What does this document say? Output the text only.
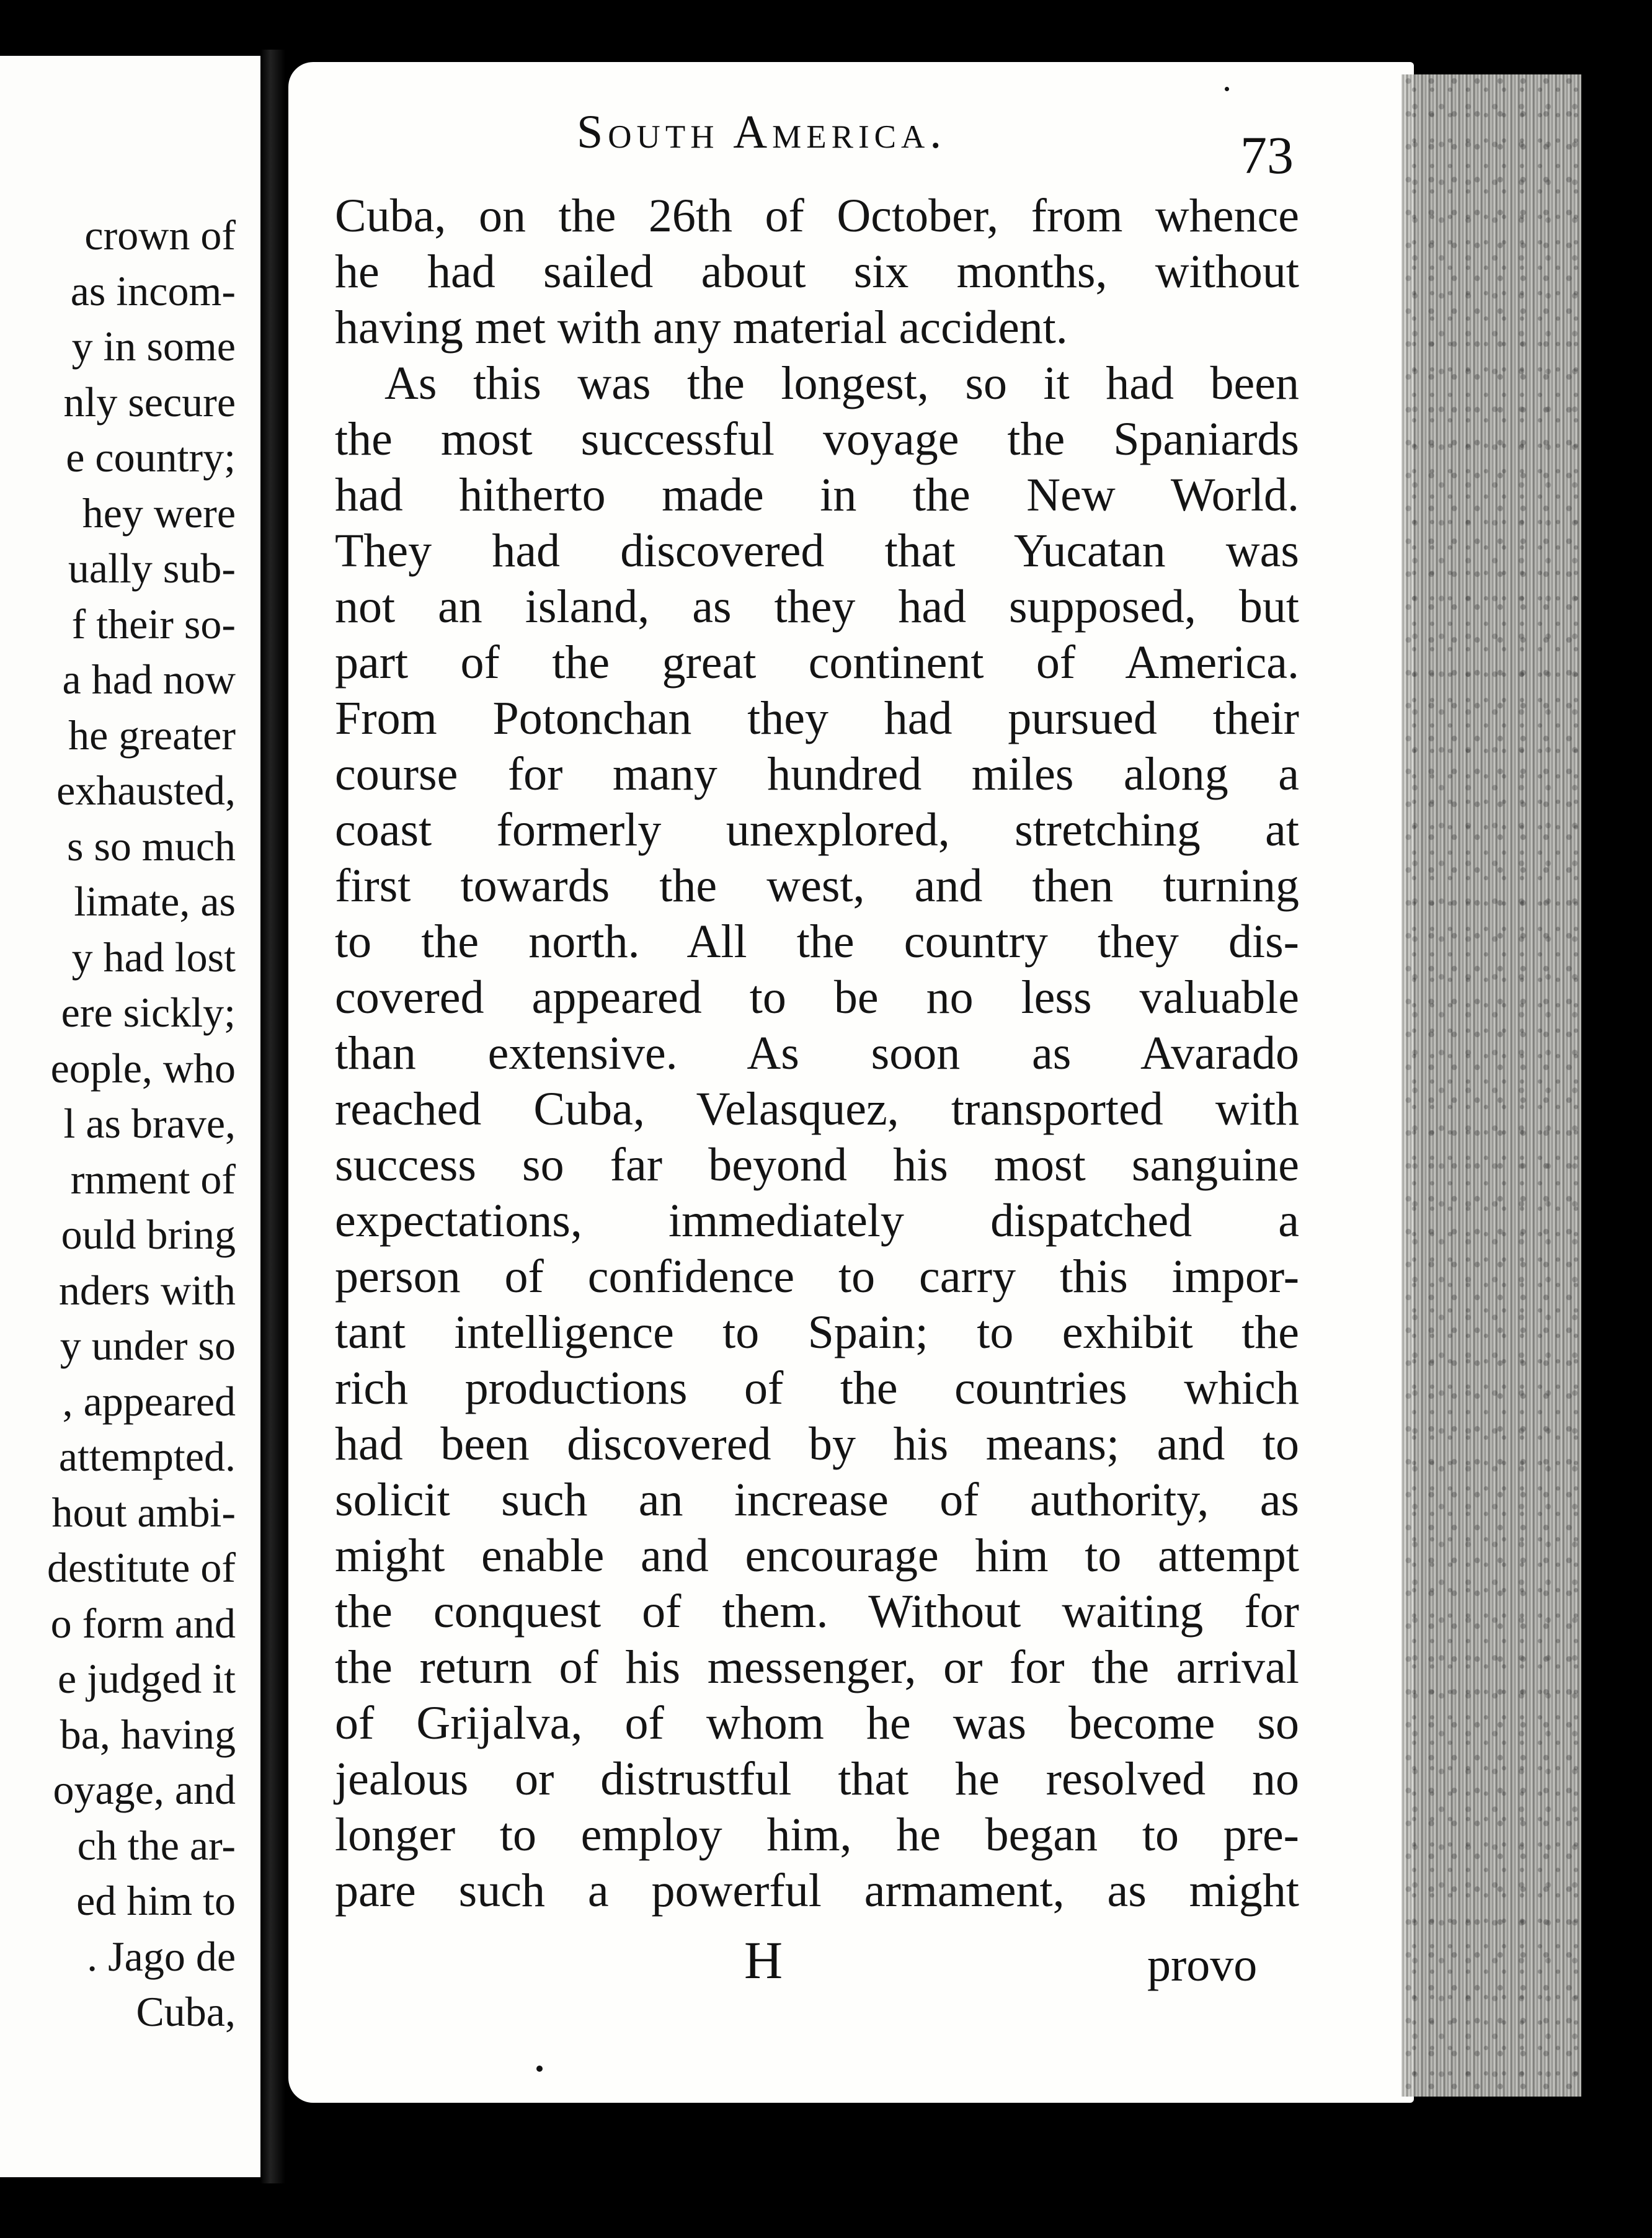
crown of
as incom-
y in some
nly secure
e country;
hey were
ually sub-
f their so-
a had now
he greater
exhausted,
s so much
limate, as
y had lost
ere sickly;
eople, who
l as brave,
rnment of
ould bring
nders with
y under so
, appeared
attempted.
hout ambi-
destitute of
o form and
e judged it
ba, having
oyage, and
ch the ar-
ed him to
. Jago de
Cuba,
South America.	73
Cuba, on the 26th of October, from whence
he had sailed about six months, without
having met with any material accident.
As this was the longest, so it had been
the most successful voyage the Spaniards
had hitherto made in the New World.
They had discovered that Yucatan was
not an island, as they had supposed, but
part of the great continent of America.
From Potonchan they had pursued their
course for many hundred miles along a
coast formerly unexplored, stretching at
first towards the west, and then turning
to the north. All the country they dis-
covered appeared to be no less valuable
than extensive. As soon as Avarado
reached Cuba, Velasquez, transported with
success so far beyond his most sanguine
expectations, immediately dispatched a
person of confidence to carry this impor-
tant intelligence to Spain; to exhibit the
rich productions of the countries which
had been discovered by his means; and to
solicit such an increase of authority, as
might enable and encourage him to attempt
the conquest of them. Without waiting for
the return of his messenger, or for the arrival
of Grijalva, of whom he was become so
jealous or distrustful that he resolved no
longer to employ him, he began to pre-
pare such a powerful armament, as might
H	provo
